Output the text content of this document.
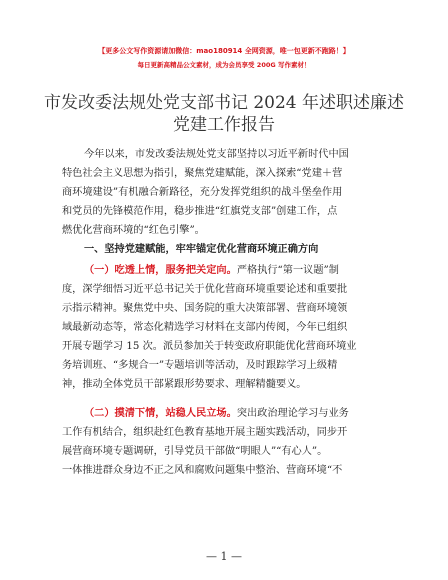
【更多公文写作资源请加微信：mao180914 全网资源，唯一包更新不跑路！】
每日更新高精品公文素材，成为会员享受 200G 写作素材！
市发改委法规处党支部书记 2024 年述职述廉述
党建工作报告
今年以来，市发改委法规处党支部坚持以习近平新时代中国
特色社会主义思想为指引，聚焦党建赋能，深入探索“党建＋营
商环境建设”有机融合新路径，充分发挥党组织的战斗堡垒作用
和党员的先锋模范作用，稳步推进“红旗党支部”创建工作，点
燃优化营商环境的“红色引擎”。
一、坚持党建赋能，牢牢锚定优化营商环境正确方向
（一）吃透上情，服务把关定向。严格执行“第一议题”制
度，深学细悟习近平总书记关于优化营商环境重要论述和重要批
示指示精神。聚焦党中央、国务院的重大决策部署、营商环境领
域最新动态等，常态化精选学习材料在支部内传阅，今年已组织
开展专题学习 15 次。派员参加关于转变政府职能优化营商环境业
务培训班、“多规合一”专题培训等活动，及时跟踪学习上级精
神，推动全体党员干部紧跟形势要求、理解精髓要义。
（二）摸清下情，站稳人民立场。突出政治理论学习与业务
工作有机结合，组织赴红色教育基地开展主题实践活动，同步开
展营商环境专题调研，引导党员干部做“明眼人”“有心人”。
一体推进群众身边不正之风和腐败问题集中整治、营商环境“不
— 1 —
